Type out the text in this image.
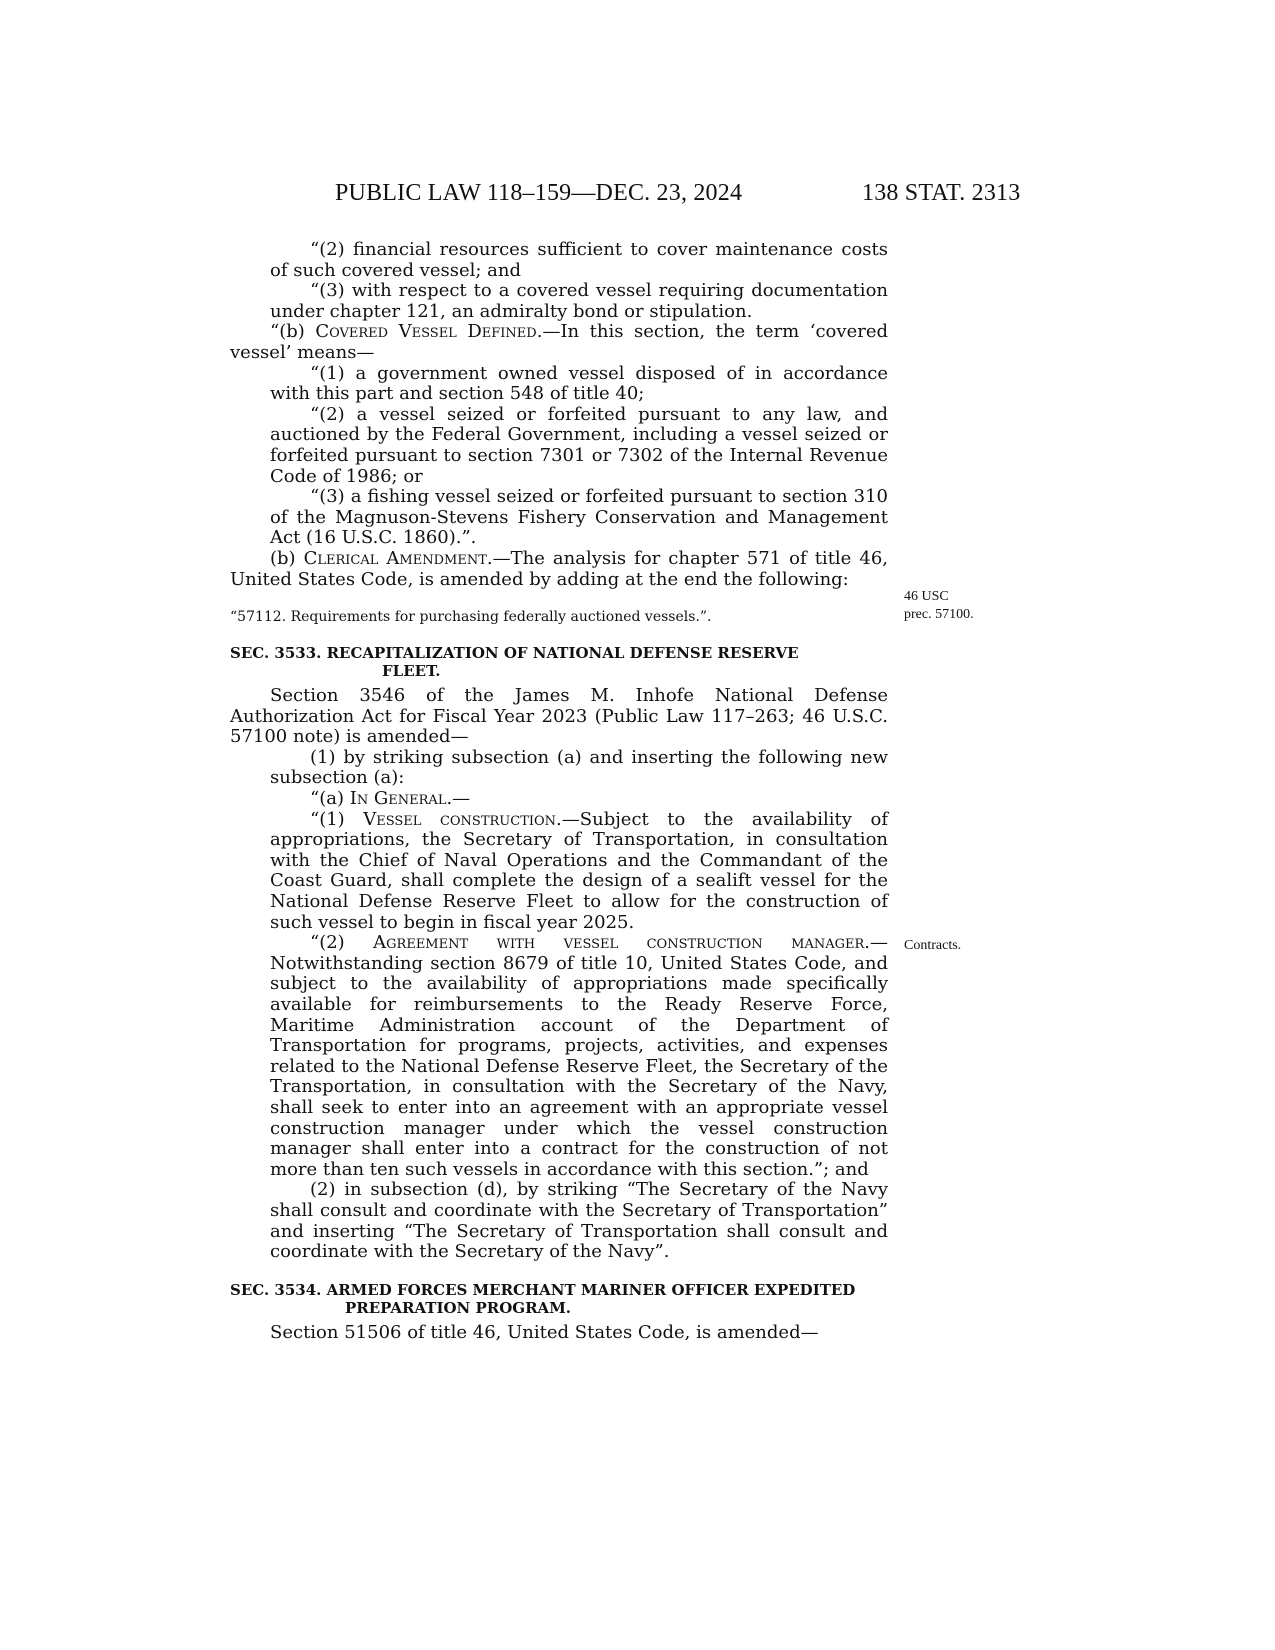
PUBLIC LAW 118–159—DEC. 23, 2024	138 STAT. 2313

“(2) financial resources sufficient to cover maintenance costs of such covered vessel; and

“(3) with respect to a covered vessel requiring documentation under chapter 121, an admiralty bond or stipulation.

“(b) Covered Vessel Defined.—In this section, the term ‘covered vessel’ means—

“(1) a government owned vessel disposed of in accordance with this part and section 548 of title 40;

“(2) a vessel seized or forfeited pursuant to any law, and auctioned by the Federal Government, including a vessel seized or forfeited pursuant to section 7301 or 7302 of the Internal Revenue Code of 1986; or

“(3) a fishing vessel seized or forfeited pursuant to section 310 of the Magnuson-Stevens Fishery Conservation and Management Act (16 U.S.C. 1860).”.

(b) Clerical Amendment.—The analysis for chapter 571 of title 46, United States Code, is amended by adding at the end the following:

“57112. Requirements for purchasing federally auctioned vessels.”.

SEC. 3533. RECAPITALIZATION OF NATIONAL DEFENSE RESERVE
FLEET.

Section 3546 of the James M. Inhofe National Defense Authorization Act for Fiscal Year 2023 (Public Law 117–263; 46 U.S.C. 57100 note) is amended—

(1) by striking subsection (a) and inserting the following new subsection (a):

“(a) In General.—

“(1) Vessel construction.—Subject to the availability of appropriations, the Secretary of Transportation, in consultation with the Chief of Naval Operations and the Commandant of the Coast Guard, shall complete the design of a sealift vessel for the National Defense Reserve Fleet to allow for the construction of such vessel to begin in fiscal year 2025.

“(2) Agreement with vessel construction manager.— Notwithstanding section 8679 of title 10, United States Code, and subject to the availability of appropriations made specifically available for reimbursements to the Ready Reserve Force, Maritime Administration account of the Department of Transportation for programs, projects, activities, and expenses related to the National Defense Reserve Fleet, the Secretary of the Transportation, in consultation with the Secretary of the Navy, shall seek to enter into an agreement with an appropriate vessel construction manager under which the vessel construction manager shall enter into a contract for the construction of not more than ten such vessels in accordance with this section.”; and

(2) in subsection (d), by striking “The Secretary of the Navy shall consult and coordinate with the Secretary of Transportation” and inserting “The Secretary of Transportation shall consult and coordinate with the Secretary of the Navy”.

SEC. 3534. ARMED FORCES MERCHANT MARINER OFFICER EXPEDITED
PREPARATION PROGRAM.

Section 51506 of title 46, United States Code, is amended—

46 USC
prec. 57100.
Contracts.
